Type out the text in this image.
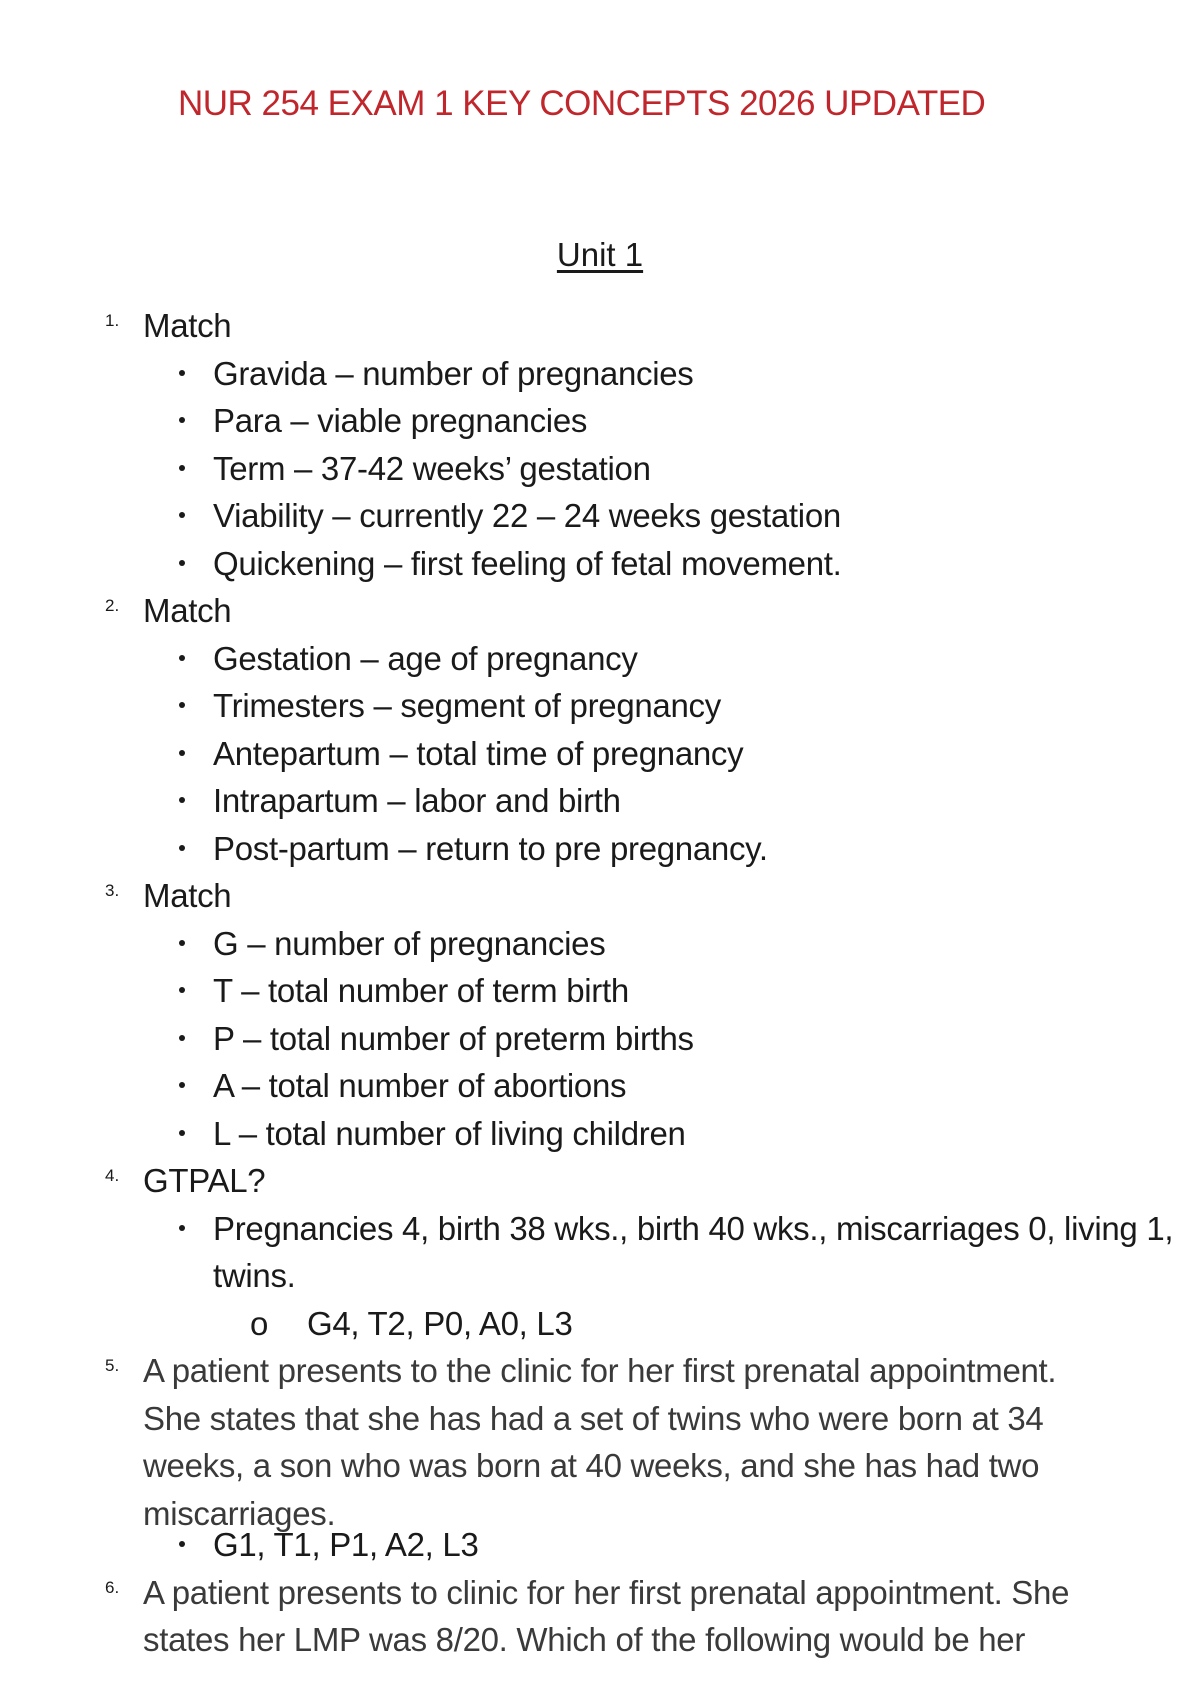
NUR 254 EXAM 1 KEY CONCEPTS 2026 UPDATED
Unit 1
1. Match
Gravida – number of pregnancies
Para – viable pregnancies
Term – 37-42 weeks’ gestation
Viability – currently 22 – 24 weeks gestation
Quickening – first feeling of fetal movement.
2. Match
Gestation – age of pregnancy
Trimesters – segment of pregnancy
Antepartum – total time of pregnancy
Intrapartum – labor and birth
Post-partum – return to pre pregnancy.
3. Match
G – number of pregnancies
T – total number of term birth
P – total number of preterm births
A – total number of abortions
L – total number of living children
4. GTPAL?
Pregnancies 4, birth 38 wks., birth 40 wks., miscarriages 0, living 1, twins.
o G4, T2, P0, A0, L3
5. A patient presents to the clinic for her first prenatal appointment. She states that she has had a set of twins who were born at 34 weeks, a son who was born at 40 weeks, and she has had two miscarriages.
G1, T1, P1, A2, L3
6. A patient presents to clinic for her first prenatal appointment. She states her LMP was 8/20. Which of the following would be her
